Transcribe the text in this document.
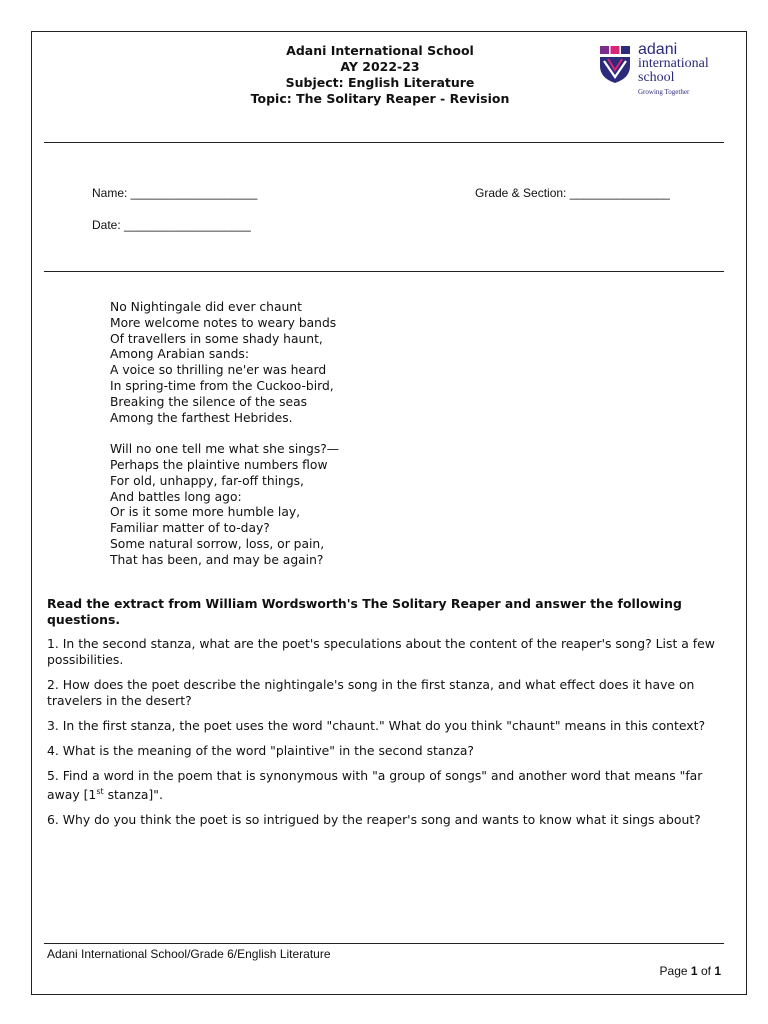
Adani International School
AY 2022-23
Subject: English Literature
Topic: The Solitary Reaper - Revision
adani
international
school
Growing Together
Name: ___________________	Grade & Section: _______________
Date: ___________________
No Nightingale did ever chaunt
More welcome notes to weary bands
Of travellers in some shady haunt,
Among Arabian sands:
A voice so thrilling ne'er was heard
In spring-time from the Cuckoo-bird,
Breaking the silence of the seas
Among the farthest Hebrides.
Will no one tell me what she sings?—
Perhaps the plaintive numbers flow
For old, unhappy, far-off things,
And battles long ago:
Or is it some more humble lay,
Familiar matter of to-day?
Some natural sorrow, loss, or pain,
That has been, and may be again?
Read the extract from William Wordsworth's The Solitary Reaper and answer the following questions.
1. In the second stanza, what are the poet's speculations about the content of the reaper's song? List a few possibilities.
2. How does the poet describe the nightingale's song in the first stanza, and what effect does it have on travelers in the desert?
3. In the first stanza, the poet uses the word "chaunt." What do you think "chaunt" means in this context?
4. What is the meaning of the word "plaintive" in the second stanza?
5. Find a word in the poem that is synonymous with "a group of songs" and another word that means "far away [1st stanza]".
6. Why do you think the poet is so intrigued by the reaper's song and wants to know what it sings about?
Adani International School/Grade 6/English Literature
Page 1 of 1
